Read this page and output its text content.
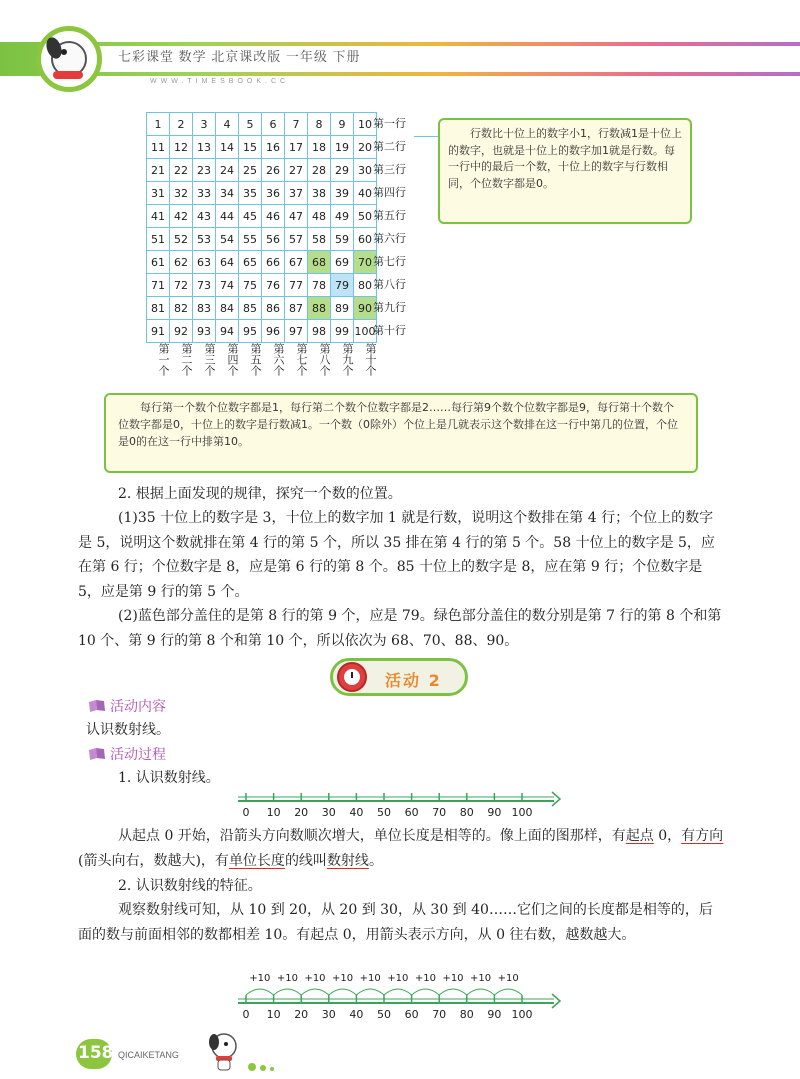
七彩课堂 数学 北京课改版 一年级 下册
WWW.TIMESBOOK.CC
1	2	3	4	5	6	7	8	9	10
11	12	13	14	15	16	17	18	19	20
21	22	23	24	25	26	27	28	29	30
31	32	33	34	35	36	37	38	39	40
41	42	43	44	45	46	47	48	49	50
51	52	53	54	55	56	57	58	59	60
61	62	63	64	65	66	67	68	69	70
71	72	73	74	75	76	77	78	79	80
81	82	83	84	85	86	87	88	89	90
91	92	93	94	95	96	97	98	99	100
第一行
第二行
第三行
第四行
第五行
第六行
第七行
第八行
第九行
第十行
第一个 第二个 第三个 第四个 第五个 第六个 第七个 第八个 第九个 第十个
行数比十位上的数字小1，行数减1是十位上的数字，也就是十位上的数字加1就是行数。每一行中的最后一个数，十位上的数字与行数相同，个位数字都是0。
每行第一个数个位数字都是1，每行第二个数个位数字都是2……每行第9个数个位数字都是9，每行第十个数个位数字都是0，十位上的数字是行数减1。一个数（0除外）个位上是几就表示这个数排在这一行中第几的位置，个位是0的在这一行中排第10。
2. 根据上面发现的规律，探究一个数的位置。
(1)35 十位上的数字是 3，十位上的数字加 1 就是行数，说明这个数排在第 4 行；个位上的数字是 5，说明这个数就排在第 4 行的第 5 个，所以 35 排在第 4 行的第 5 个。58 十位上的数字是 5，应在第 6 行；个位数字是 8，应是第 6 行的第 8 个。85 十位上的数字是 8，应在第 9 行；个位数字是 5，应是第 9 行的第 5 个。
(2)蓝色部分盖住的是第 8 行的第 9 个，应是 79。绿色部分盖住的数分别是第 7 行的第 8 个和第 10 个、第 9 行的第 8 个和第 10 个，所以依次为 68、70、88、90。
活动 2
活动内容
认识数射线。
活动过程
1. 认识数射线。
0 10 20 30 40 50 60 70 80 90 100
0 10 20 30 40 50 60 70 80 90 100
+10 +10 +10 +10 +10 +10 +10 +10 +10 +10
从起点 0 开始，沿箭头方向数顺次增大，单位长度是相等的。像上面的图那样，有起点 0，有方向(箭头向右，数越大)，有单位长度的线叫数射线。
2. 认识数射线的特征。
观察数射线可知，从 10 到 20，从 20 到 30，从 30 到 40……它们之间的长度都是相等的，后面的数与前面相邻的数都相差 10。有起点 0，用箭头表示方向，从 0 往右数，越数越大。
158 QICAIKETANG
